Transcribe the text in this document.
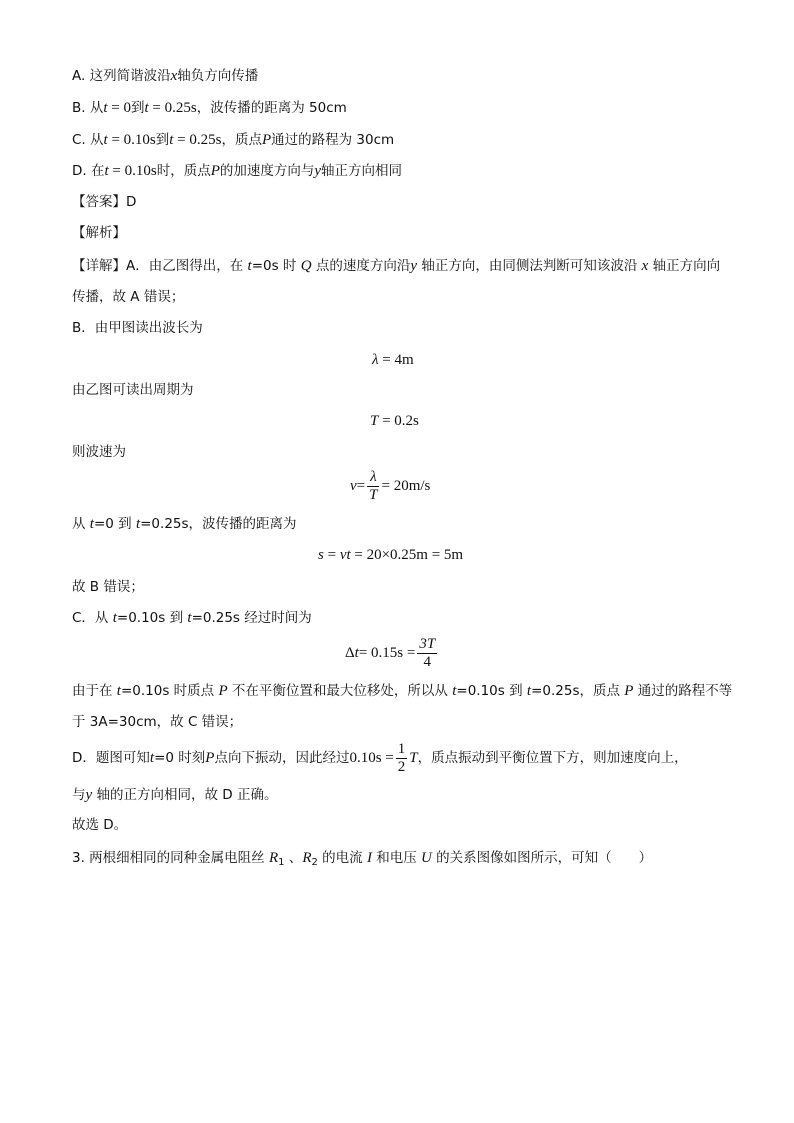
A. 这列简谐波沿x轴负方向传播
B. 从t = 0到t = 0.25s，波传播的距离为 50cm
C. 从t = 0.10s到t = 0.25s，质点P通过的路程为 30cm
D. 在t = 0.10s时，质点P的加速度方向与y轴正方向相同
【答案】D
【解析】
【详解】A．由乙图得出，在 t=0s 时 Q 点的速度方向沿y 轴正方向，由同侧法判断可知该波沿 x 轴正方向向
传播，故 A 错误；
B．由甲图读出波长为
λ = 4m
由乙图可读出周期为
T = 0.2s
则波速为
$v = \frac{\lambda}{T} = 20m/s$
从 t=0 到 t=0.25s，波传播的距离为
s = vt = 20×0.25m = 5m
故 B 错误；
C．从 t=0.10s 到 t=0.25s 经过时间为
Δ $t = 0.15s = \frac{3T}{4}$
由于在 t=0.10s 时质点 P 不在平衡位置和最大位移处，所以从 t=0.10s 到 t=0.25s，质点 P 通过的路程不等
于 3A=30cm，故 C 错误；
D．题图可知 t =0 时刻 P 点向下振动，因此经过 $0.10s = \frac{1}{2}$ T ，质点振动到平衡位置下方，则加速度向上，
与y 轴的正方向相同，故 D 正确。
故选 D。
3. 两根细相同的同种金属电阻丝 $R_1$ 、$R_2$ 的电流 I 和电压 U 的关系图像如图所示，可知（　　）
